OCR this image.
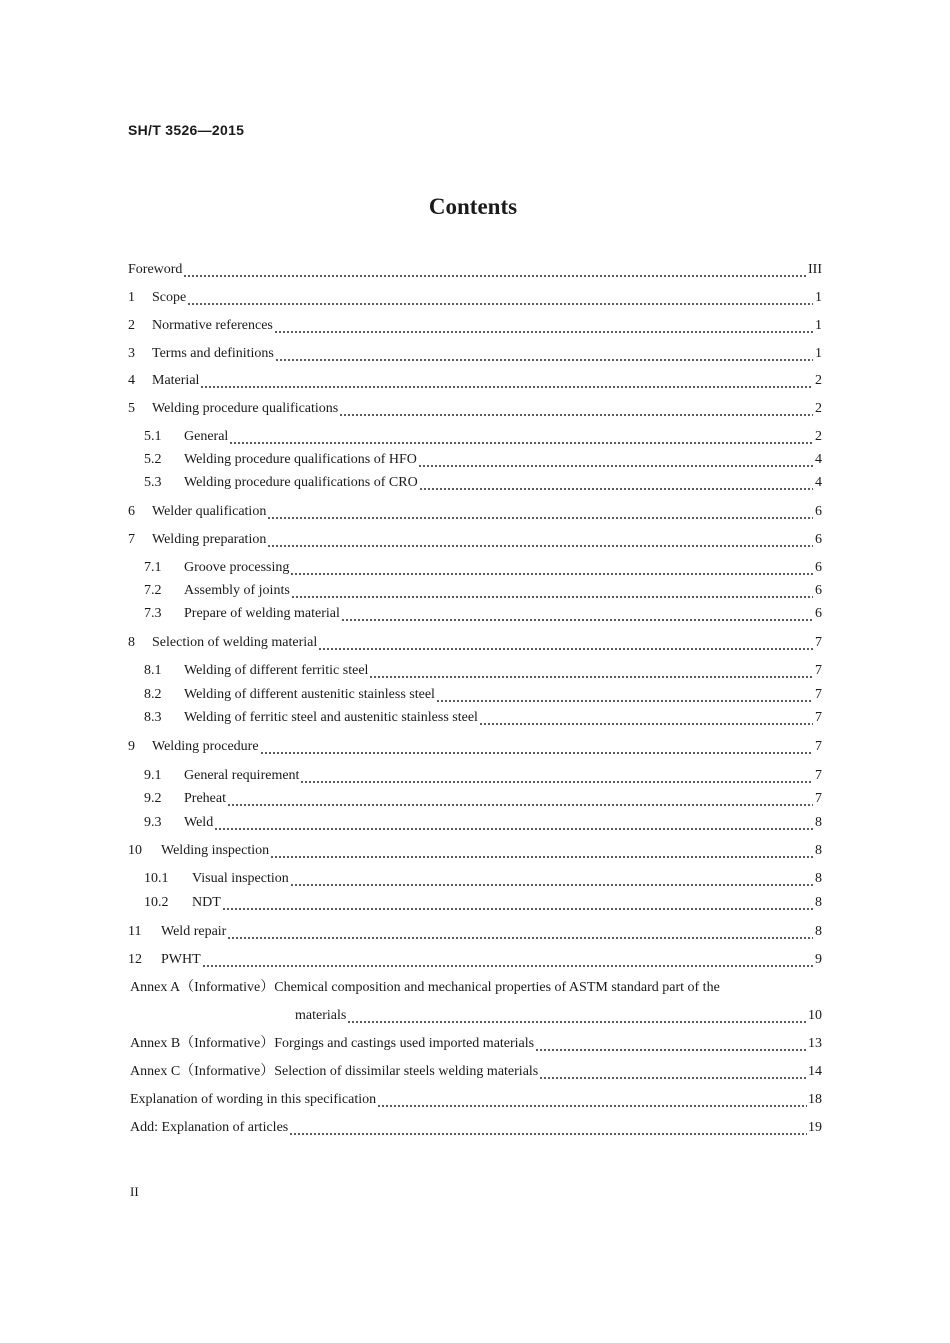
SH/T 3526—2015
Contents
Foreword	III
1	Scope	1
2	Normative references	1
3	Terms and definitions	1
4	Material	2
5	Welding procedure qualifications	2
5.1	General	2
5.2	Welding procedure qualifications of HFO	4
5.3	Welding procedure qualifications of CRO	4
6	Welder qualification	6
7	Welding preparation	6
7.1	Groove processing	6
7.2	Assembly of joints	6
7.3	Prepare of welding material	6
8	Selection of welding material	7
8.1	Welding of different ferritic steel	7
8.2	Welding of different austenitic stainless steel	7
8.3	Welding of ferritic steel and austenitic stainless steel	7
9	Welding procedure	7
9.1	General requirement	7
9.2	Preheat	7
9.3	Weld	8
10	Welding inspection	8
10.1	Visual inspection	8
10.2	NDT	8
11	Weld repair	8
12	PWHT	9
Annex A（Informative）Chemical composition and mechanical properties of ASTM standard part of the
materials	10
Annex B（Informative）Forgings and castings used imported materials	13
Annex C（Informative）Selection of dissimilar steels welding materials	14
Explanation of wording in this specification	18
Add: Explanation of articles	19
II
